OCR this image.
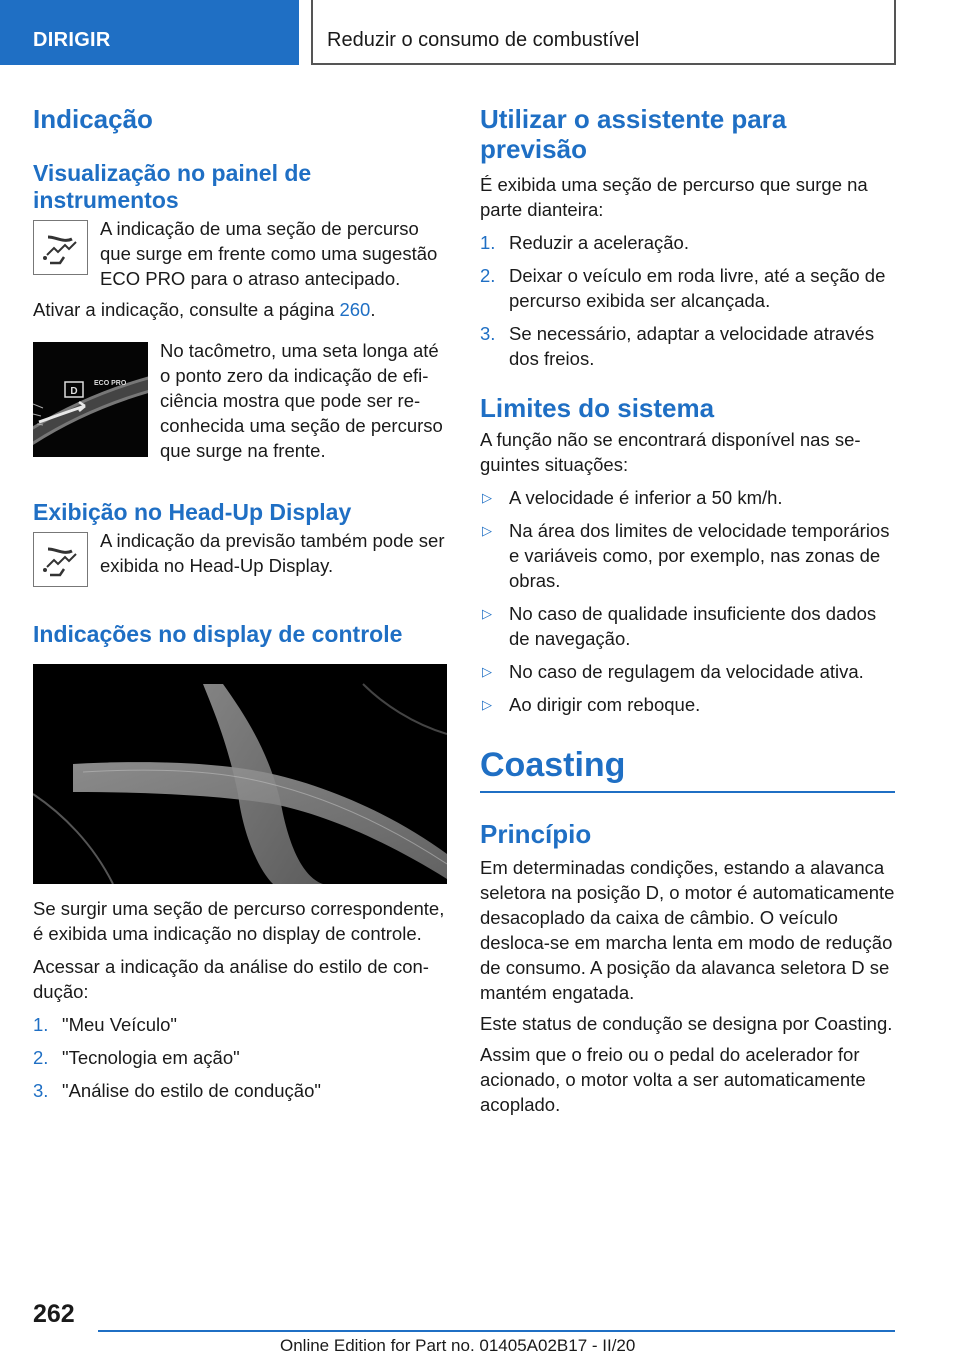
DIRIGIR	Reduzir o consumo de combustível
Indicação
Visualização no painel de instrumentos

A indicação de uma seção de percurso que surge em frente como uma sugestão ECO PRO para o atraso antecipado.

Ativar a indicação, consulte a página 260.

D
ECO PRO

No tacômetro, uma seta longa até o ponto zero da indicação de eficiência mostra que pode ser reconhecida uma seção de percurso que surge na frente.

Exibição no Head-Up Display

A indicação da previsão também pode ser exibida no Head-Up Display.

Indicações no display de controle

Se surgir uma seção de percurso correspondente, é exibida uma indicação no display de controle.

Acessar a indicação da análise do estilo de condução:

1. "Meu Veículo"
2. "Tecnologia em ação"
3. "Análise do estilo de condução"
Utilizar o assistente para previsão

É exibida uma seção de percurso que surge na parte dianteira:

1. Reduzir a aceleração.
2. Deixar o veículo em roda livre, até a seção de percurso exibida ser alcançada.
3. Se necessário, adaptar a velocidade através dos freios.
Limites do sistema

A função não se encontrará disponível nas seguintes situações:

▷ A velocidade é inferior a 50 km/h.
▷ Na área dos limites de velocidade temporários e variáveis como, por exemplo, nas zonas de obras.
▷ No caso de qualidade insuficiente dos dados de navegação.
▷ No caso de regulagem da velocidade ativa.
▷ Ao dirigir com reboque.
Coasting
Princípio

Em determinadas condições, estando a alavanca seletora na posição D, o motor é automaticamente desacoplado da caixa de câmbio. O veículo desloca-se em marcha lenta em modo de redução de consumo. A posição da alavanca seletora D se mantém engatada.

Este status de condução se designa por Coasting.

Assim que o freio ou o pedal do acelerador for acionado, o motor volta a ser automaticamente acoplado.

262
Online Edition for Part no. 01405A02B17 - II/20
